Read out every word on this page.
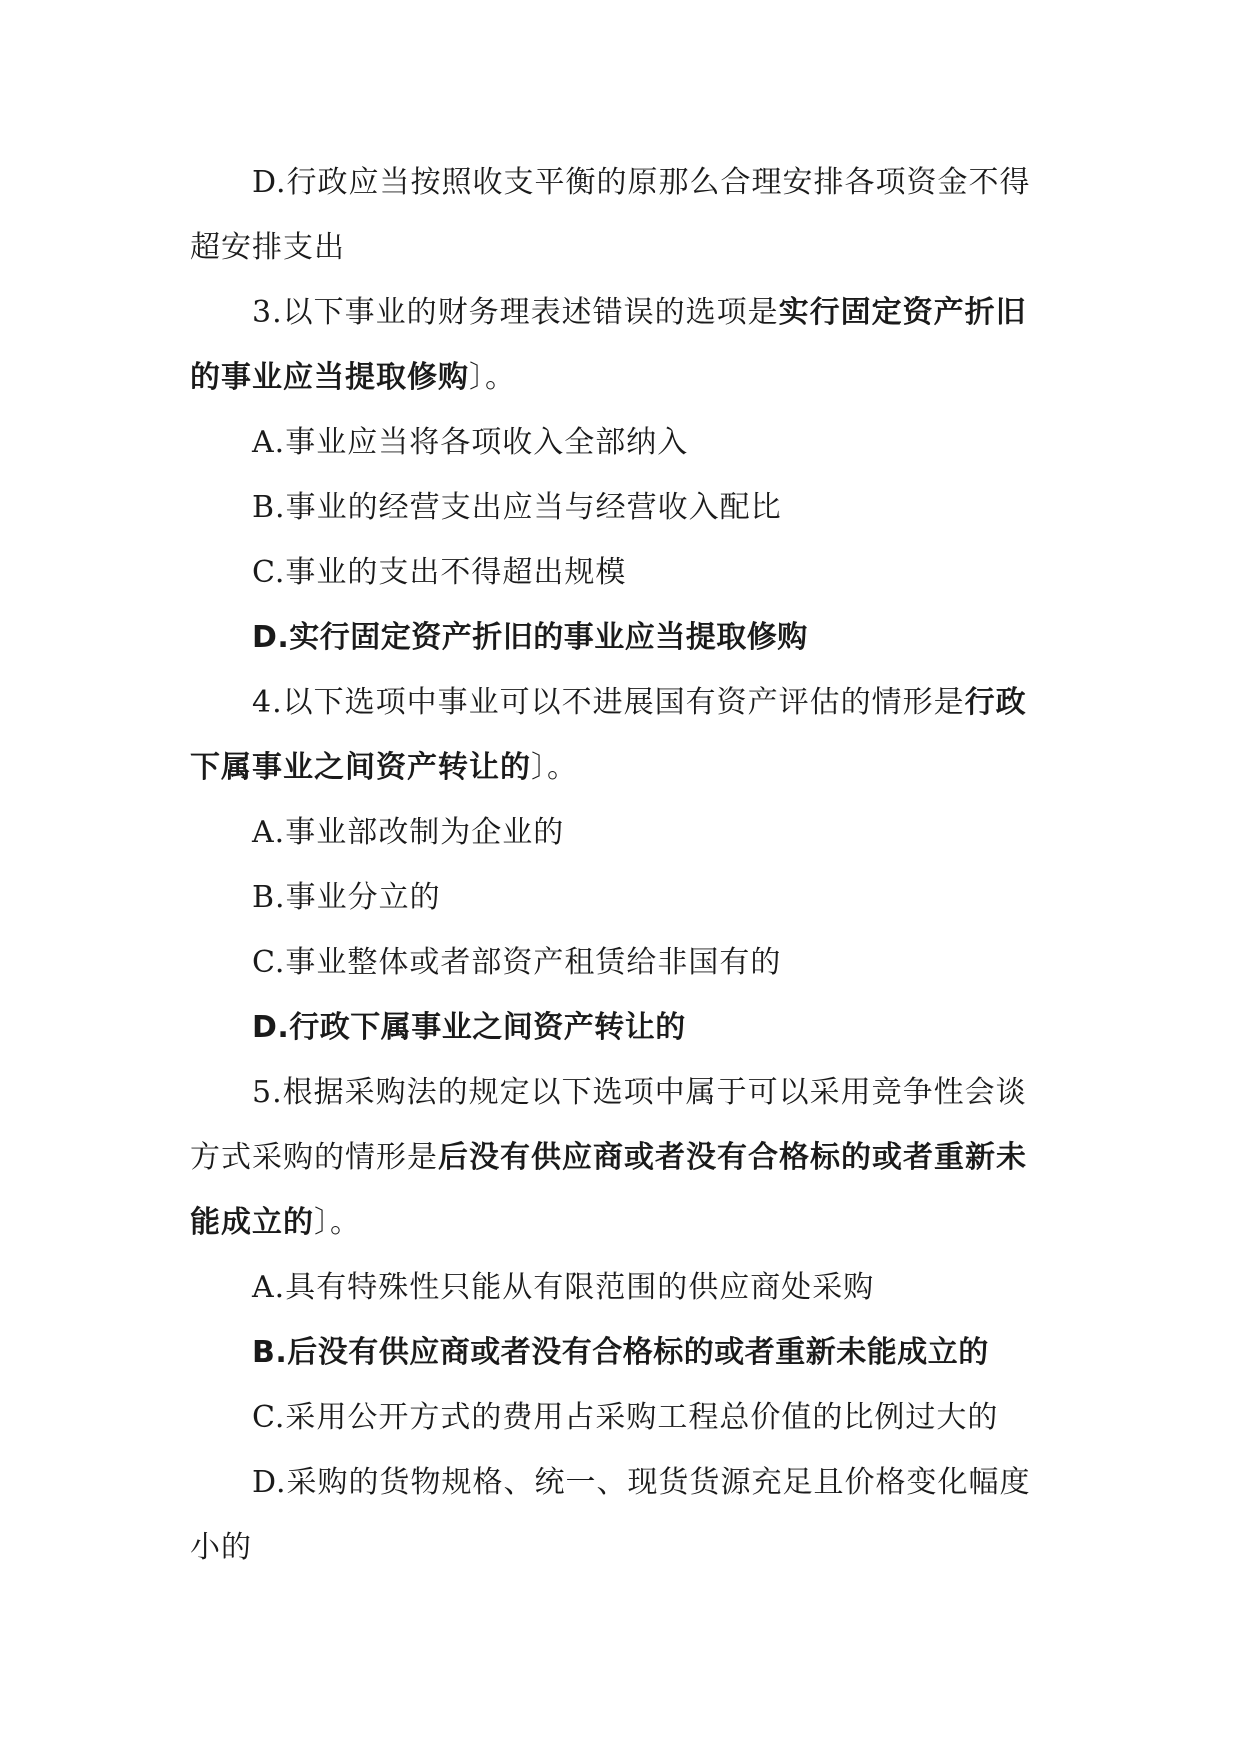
D.行政应当按照收支平衡的原那么合理安排各项资金不得超安排支出

3.以下事业的财务理表述错误的选项是实行固定资产折旧的事业应当提取修购〕。

A.事业应当将各项收入全部纳入

B.事业的经营支出应当与经营收入配比

C.事业的支出不得超出规模

D.实行固定资产折旧的事业应当提取修购

4.以下选项中事业可以不进展国有资产评估的情形是行政下属事业之间资产转让的〕。

A.事业部改制为企业的

B.事业分立的

C.事业整体或者部资产租赁给非国有的

D.行政下属事业之间资产转让的

5.根据采购法的规定以下选项中属于可以采用竞争性会谈方式采购的情形是后没有供应商或者没有合格标的或者重新未能成立的〕。

A.具有特殊性只能从有限范围的供应商处采购

B.后没有供应商或者没有合格标的或者重新未能成立的

C.采用公开方式的费用占采购工程总价值的比例过大的

D.采购的货物规格、统一、现货货源充足且价格变化幅度小的
